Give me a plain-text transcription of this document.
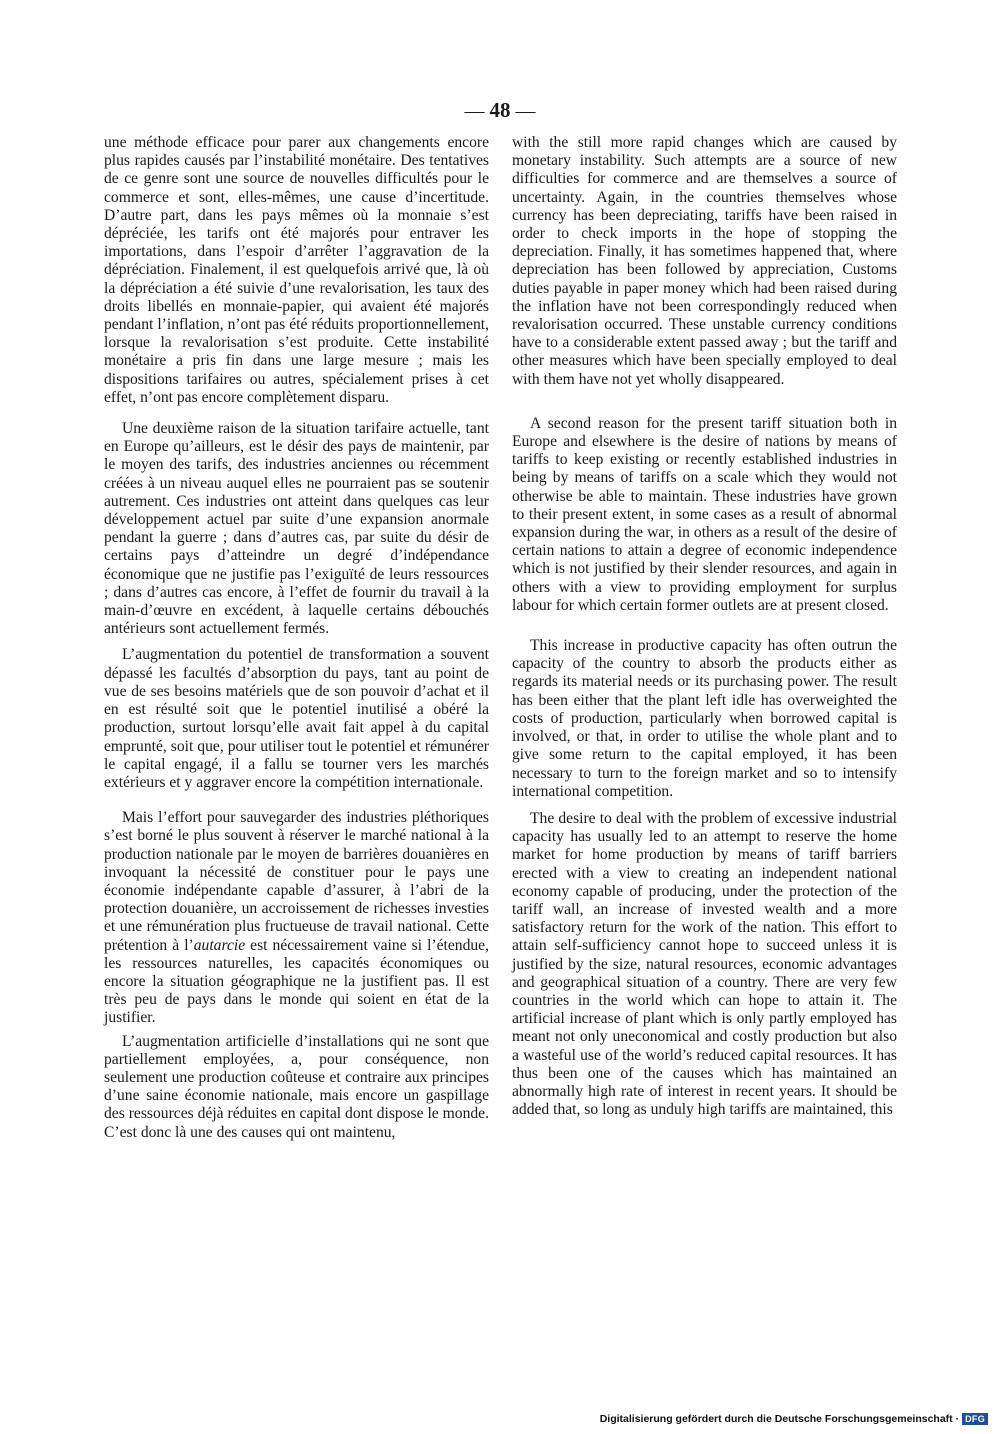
— 48 —

une méthode efficace pour parer aux changements encore plus rapides causés par l’instabilité monétaire. Des tentatives de ce genre sont une source de nouvelles difficultés pour le commerce et sont, elles-mêmes, une cause d’incertitude. D’autre part, dans les pays mêmes où la monnaie s’est dépréciée, les tarifs ont été majorés pour entraver les importations, dans l’espoir d’arrêter l’aggravation de la dépréciation. Finalement, il est quelquefois arrivé que, là où la dépréciation a été suivie d’une revalorisation, les taux des droits libellés en monnaie-papier, qui avaient été majorés pendant l’inflation, n’ont pas été réduits proportionnellement, lorsque la revalorisation s’est produite. Cette instabilité monétaire a pris fin dans une large mesure ; mais les dispositions tarifaires ou autres, spécialement prises à cet effet, n’ont pas encore complètement disparu.

Une deuxième raison de la situation tarifaire actuelle, tant en Europe qu’ailleurs, est le désir des pays de maintenir, par le moyen des tarifs, des industries anciennes ou récemment créées à un niveau auquel elles ne pourraient pas se soutenir autrement. Ces industries ont atteint dans quelques cas leur développement actuel par suite d’une expansion anormale pendant la guerre ; dans d’autres cas, par suite du désir de certains pays d’atteindre un degré d’indépendance économique que ne justifie pas l’exiguïté de leurs ressources ; dans d’autres cas encore, à l’effet de fournir du travail à la main-d’œuvre en excédent, à laquelle certains débouchés antérieurs sont actuellement fermés.

L’augmentation du potentiel de transformation a souvent dépassé les facultés d’absorption du pays, tant au point de vue de ses besoins matériels que de son pouvoir d’achat et il en est résulté soit que le potentiel inutilisé a obéré la production, surtout lorsqu’elle avait fait appel à du capital emprunté, soit que, pour utiliser tout le potentiel et rémunérer le capital engagé, il a fallu se tourner vers les marchés extérieurs et y aggraver encore la compétition internationale.

Mais l’effort pour sauvegarder des industries pléthoriques s’est borné le plus souvent à réserver le marché national à la production nationale par le moyen de barrières douanières en invoquant la nécessité de constituer pour le pays une économie indépendante capable d’assurer, à l’abri de la protection douanière, un accroissement de richesses investies et une rémunération plus fructueuse de travail national. Cette prétention à l’autarcie est nécessairement vaine si l’étendue, les ressources naturelles, les capacités économiques ou encore la situation géographique ne la justifient pas. Il est très peu de pays dans le monde qui soient en état de la justifier.

L’augmentation artificielle d’installations qui ne sont que partiellement employées, a, pour conséquence, non seulement une production coûteuse et contraire aux principes d’une saine économie nationale, mais encore un gaspillage des ressources déjà réduites en capital dont dispose le monde. C’est donc là une des causes qui ont maintenu,

with the still more rapid changes which are caused by monetary instability. Such attempts are a source of new difficulties for commerce and are themselves a source of uncertainty. Again, in the countries themselves whose currency has been depreciating, tariffs have been raised in order to check imports in the hope of stopping the depreciation. Finally, it has sometimes happened that, where depreciation has been followed by appreciation, Customs duties payable in paper money which had been raised during the inflation have not been correspondingly reduced when revalorisation occurred. These unstable currency conditions have to a considerable extent passed away ; but the tariff and other measures which have been specially employed to deal with them have not yet wholly disappeared.

A second reason for the present tariff situation both in Europe and elsewhere is the desire of nations by means of tariffs to keep existing or recently established industries in being by means of tariffs on a scale which they would not otherwise be able to maintain. These industries have grown to their present extent, in some cases as a result of abnormal expansion during the war, in others as a result of the desire of certain nations to attain a degree of economic independence which is not justified by their slender resources, and again in others with a view to providing employment for surplus labour for which certain former outlets are at present closed.

This increase in productive capacity has often outrun the capacity of the country to absorb the products either as regards its material needs or its purchasing power. The result has been either that the plant left idle has overweighted the costs of production, particularly when borrowed capital is involved, or that, in order to utilise the whole plant and to give some return to the capital employed, it has been necessary to turn to the foreign market and so to intensify international competition.

The desire to deal with the problem of excessive industrial capacity has usually led to an attempt to reserve the home market for home production by means of tariff barriers erected with a view to creating an independent national economy capable of producing, under the protection of the tariff wall, an increase of invested wealth and a more satisfactory return for the work of the nation. This effort to attain self-sufficiency cannot hope to succeed unless it is justified by the size, natural resources, economic advantages and geographical situation of a country. There are very few countries in the world which can hope to attain it. The artificial increase of plant which is only partly employed has meant not only uneconomical and costly production but also a wasteful use of the world’s reduced capital resources. It has thus been one of the causes which has maintained an abnormally high rate of interest in recent years. It should be added that, so long as unduly high tariffs are maintained, this

Digitalisierung gefördert durch die Deutsche Forschungsgemeinschaft · DFG
